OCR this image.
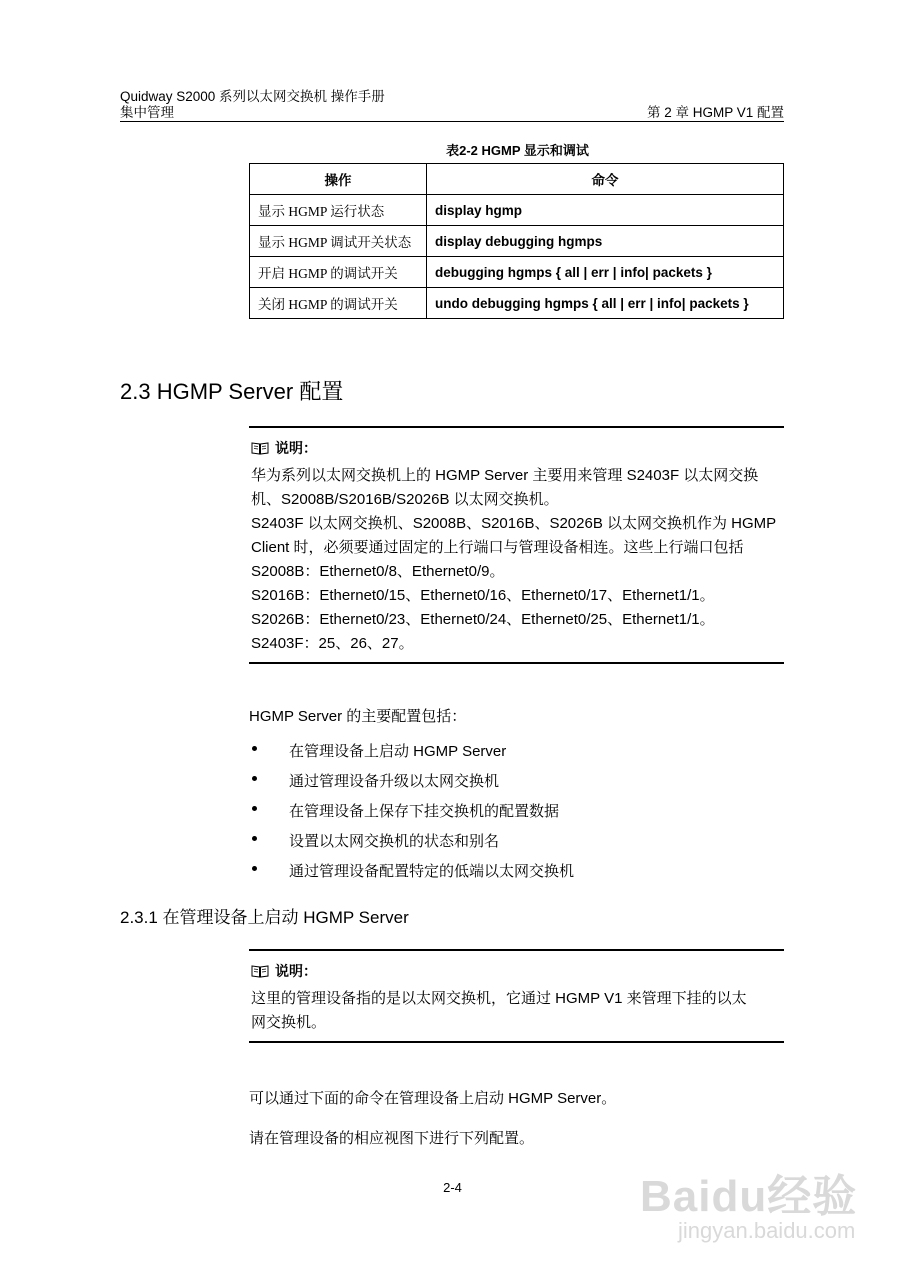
Quidway S2000 系列以太网交换机 操作手册
集中管理	第 2 章 HGMP V1 配置
表2-2 HGMP 显示和调试
操作	命令
显示 HGMP 运行状态	display hgmp
显示 HGMP 调试开关状态	display debugging hgmps
开启 HGMP 的调试开关	debugging hgmps { all | err | info| packets }
关闭 HGMP 的调试开关	undo debugging hgmps { all | err | info| packets }
2.3 HGMP Server 配置
说明：

华为系列以太网交换机上的 HGMP Server 主要用来管理 S2403F 以太网交换

机、S2008B/S2016B/S2026B 以太网交换机。

S2403F 以太网交换机、S2008B、S2016B、S2026B 以太网交换机作为 HGMP

Client 时，必须要通过固定的上行端口与管理设备相连。这些上行端口包括

S2008B：Ethernet0/8、Ethernet0/9。

S2016B：Ethernet0/15、Ethernet0/16、Ethernet0/17、Ethernet1/1。

S2026B：Ethernet0/23、Ethernet0/24、Ethernet0/25、Ethernet1/1。

S2403F：25、26、27。

HGMP Server 的主要配置包括：
在管理设备上启动 HGMP Server
通过管理设备升级以太网交换机
在管理设备上保存下挂交换机的配置数据
设置以太网交换机的状态和别名
通过管理设备配置特定的低端以太网交换机
2.3.1 在管理设备上启动 HGMP Server
说明：

这里的管理设备指的是以太网交换机，它通过 HGMP V1 来管理下挂的以太

网交换机。

可以通过下面的命令在管理设备上启动 HGMP Server。
请在管理设备的相应视图下进行下列配置。
2-4	Baidu经验
jingyan.baidu.com
